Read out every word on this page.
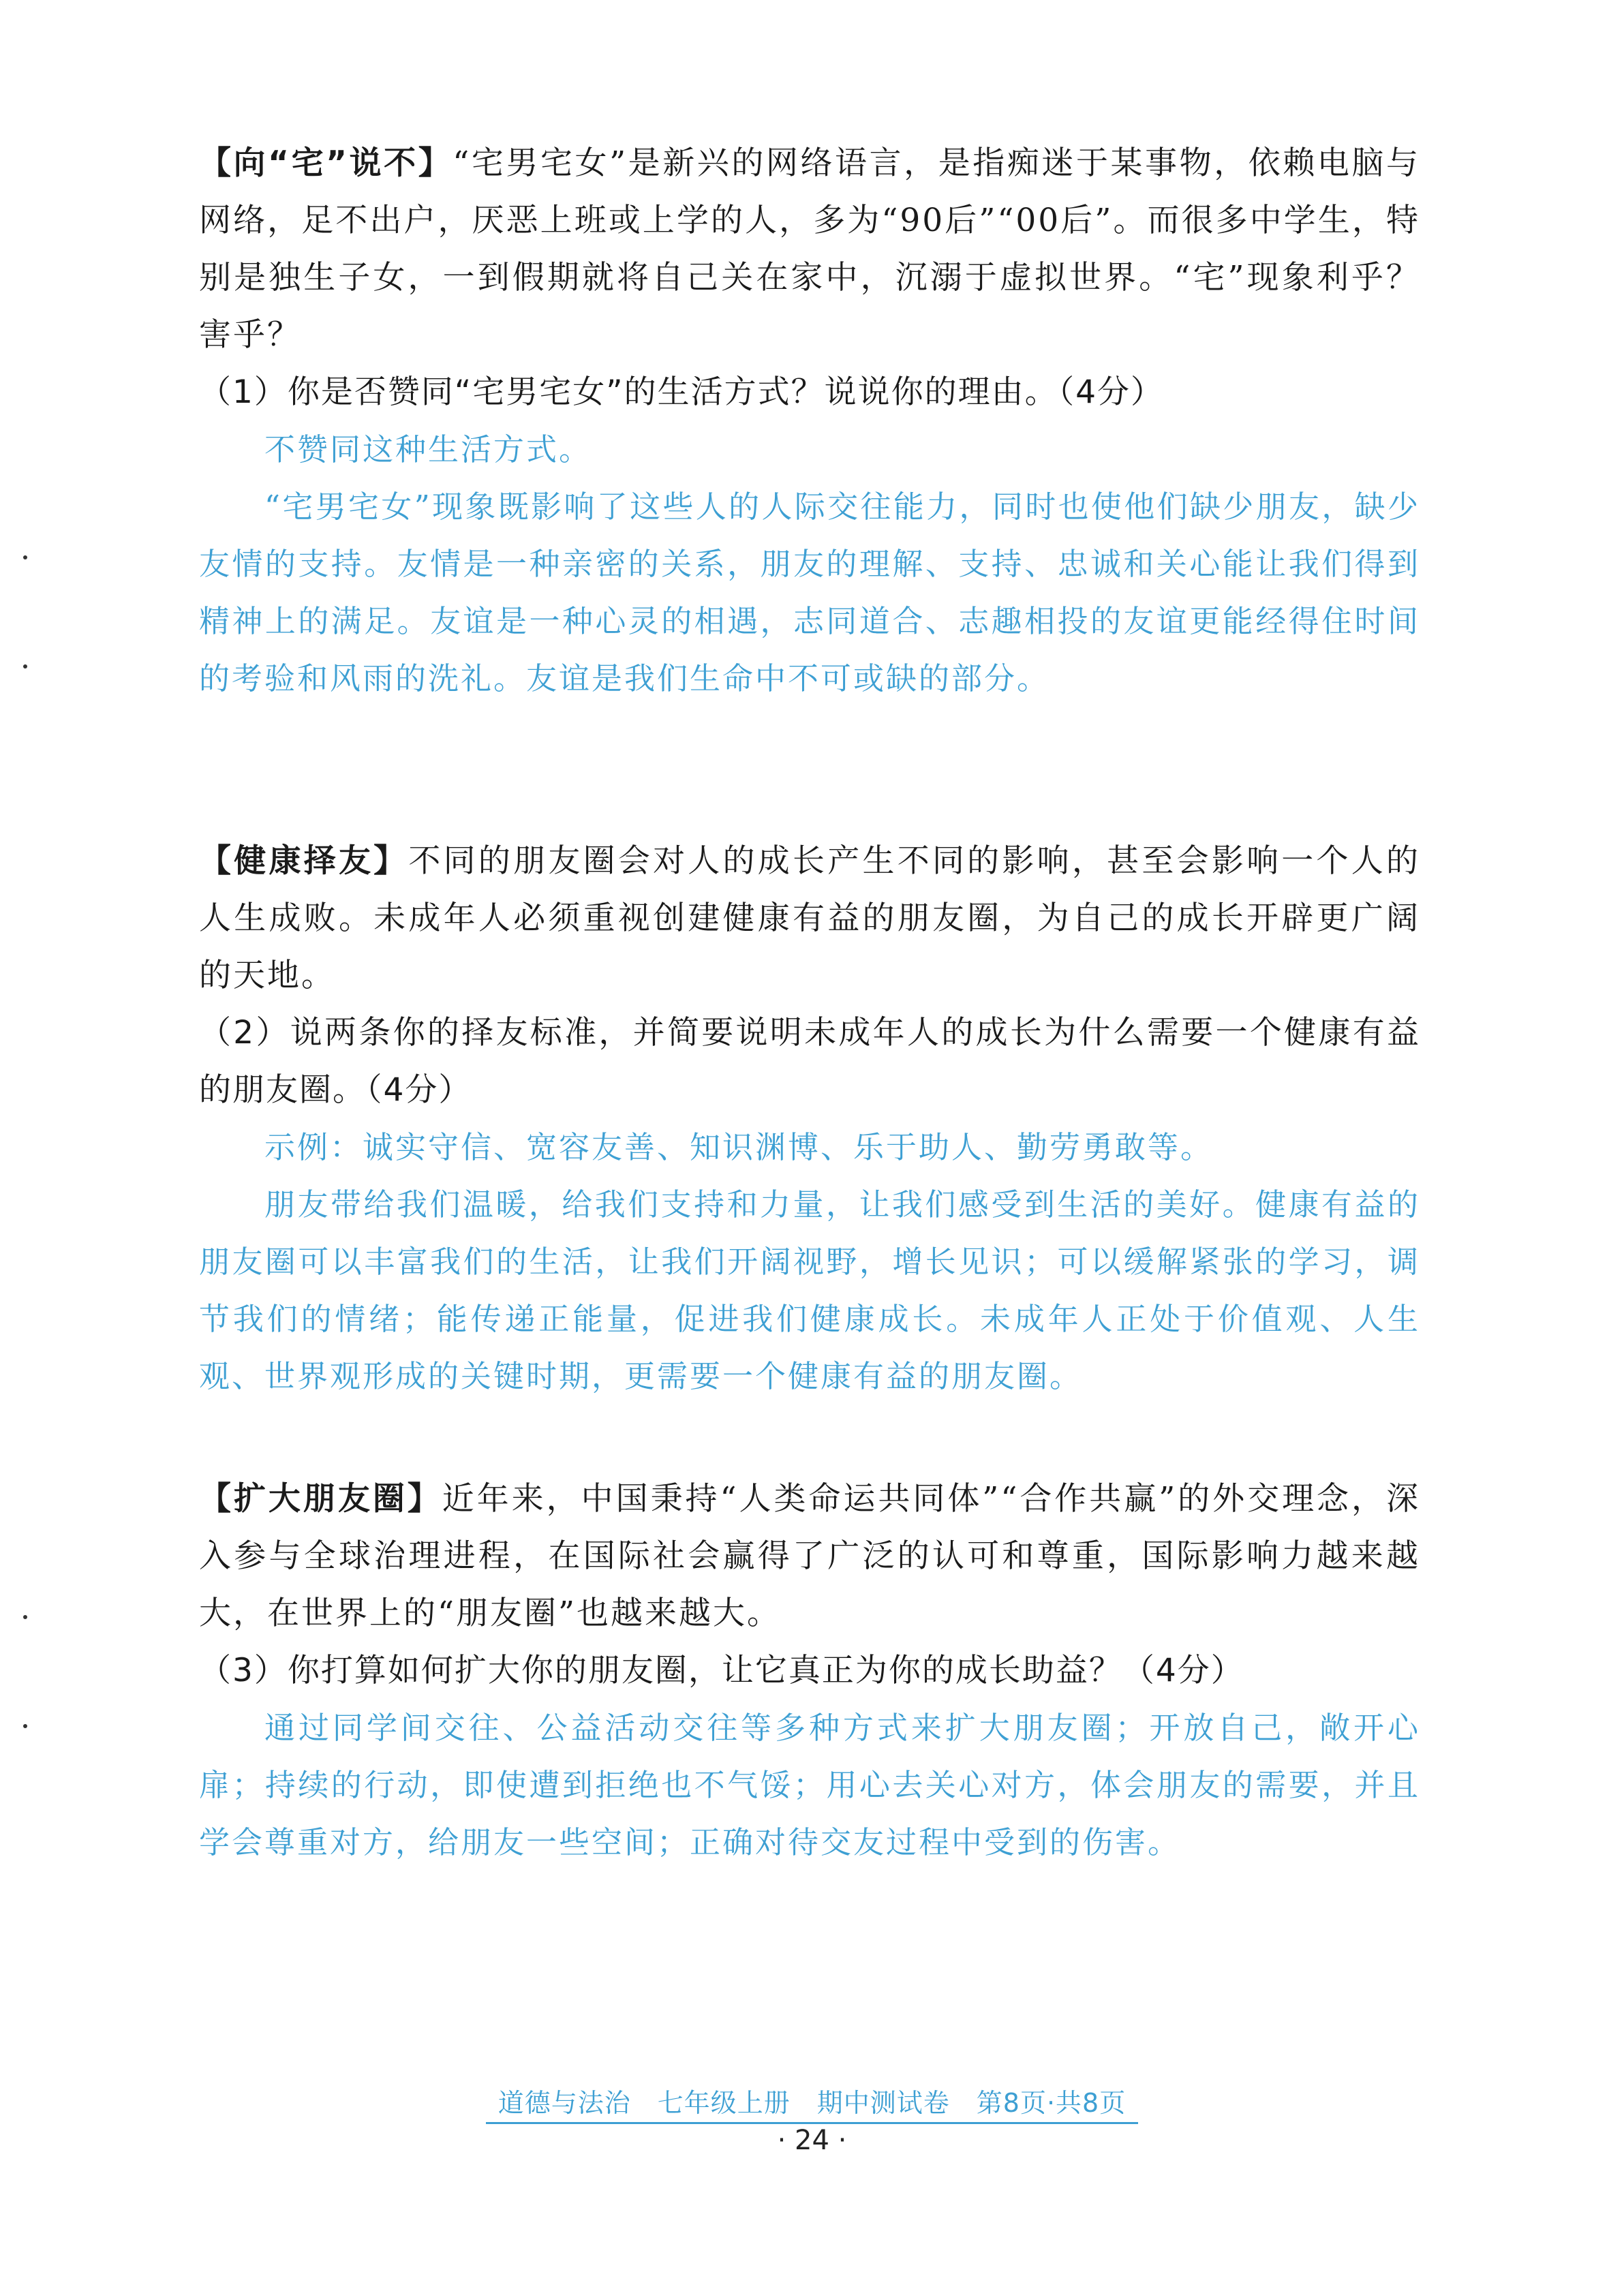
【向“宅”说不】“宅男宅女”是新兴的网络语言，是指痴迷于某事物，依赖电脑与网络，足不出户，厌恶上班或上学的人，多为“90后”“00后”。而很多中学生，特别是独生子女，一到假期就将自己关在家中，沉溺于虚拟世界。“宅”现象利乎？害乎？

（1）你是否赞同“宅男宅女”的生活方式？说说你的理由。（4分）

不赞同这种生活方式。

“宅男宅女”现象既影响了这些人的人际交往能力，同时也使他们缺少朋友，缺少友情的支持。友情是一种亲密的关系，朋友的理解、支持、忠诚和关心能让我们得到精神上的满足。友谊是一种心灵的相遇，志同道合、志趣相投的友谊更能经得住时间的考验和风雨的洗礼。友谊是我们生命中不可或缺的部分。

【健康择友】不同的朋友圈会对人的成长产生不同的影响，甚至会影响一个人的人生成败。未成年人必须重视创建健康有益的朋友圈，为自己的成长开辟更广阔的天地。

（2）说两条你的择友标准，并简要说明未成年人的成长为什么需要一个健康有益的朋友圈。（4分）

示例：诚实守信、宽容友善、知识渊博、乐于助人、勤劳勇敢等。

朋友带给我们温暖，给我们支持和力量，让我们感受到生活的美好。健康有益的朋友圈可以丰富我们的生活，让我们开阔视野，增长见识；可以缓解紧张的学习，调节我们的情绪；能传递正能量，促进我们健康成长。未成年人正处于价值观、人生观、世界观形成的关键时期，更需要一个健康有益的朋友圈。

【扩大朋友圈】近年来，中国秉持“人类命运共同体”“合作共赢”的外交理念，深入参与全球治理进程，在国际社会赢得了广泛的认可和尊重，国际影响力越来越大，在世界上的“朋友圈”也越来越大。

（3）你打算如何扩大你的朋友圈，让它真正为你的成长助益？（4分）

通过同学间交往、公益活动交往等多种方式来扩大朋友圈；开放自己，敞开心扉；持续的行动，即使遭到拒绝也不气馁；用心去关心对方，体会朋友的需要，并且学会尊重对方，给朋友一些空间；正确对待交友过程中受到的伤害。

道德与法治　七年级上册　期中测试卷　第8页·共8页
· 24 ·
